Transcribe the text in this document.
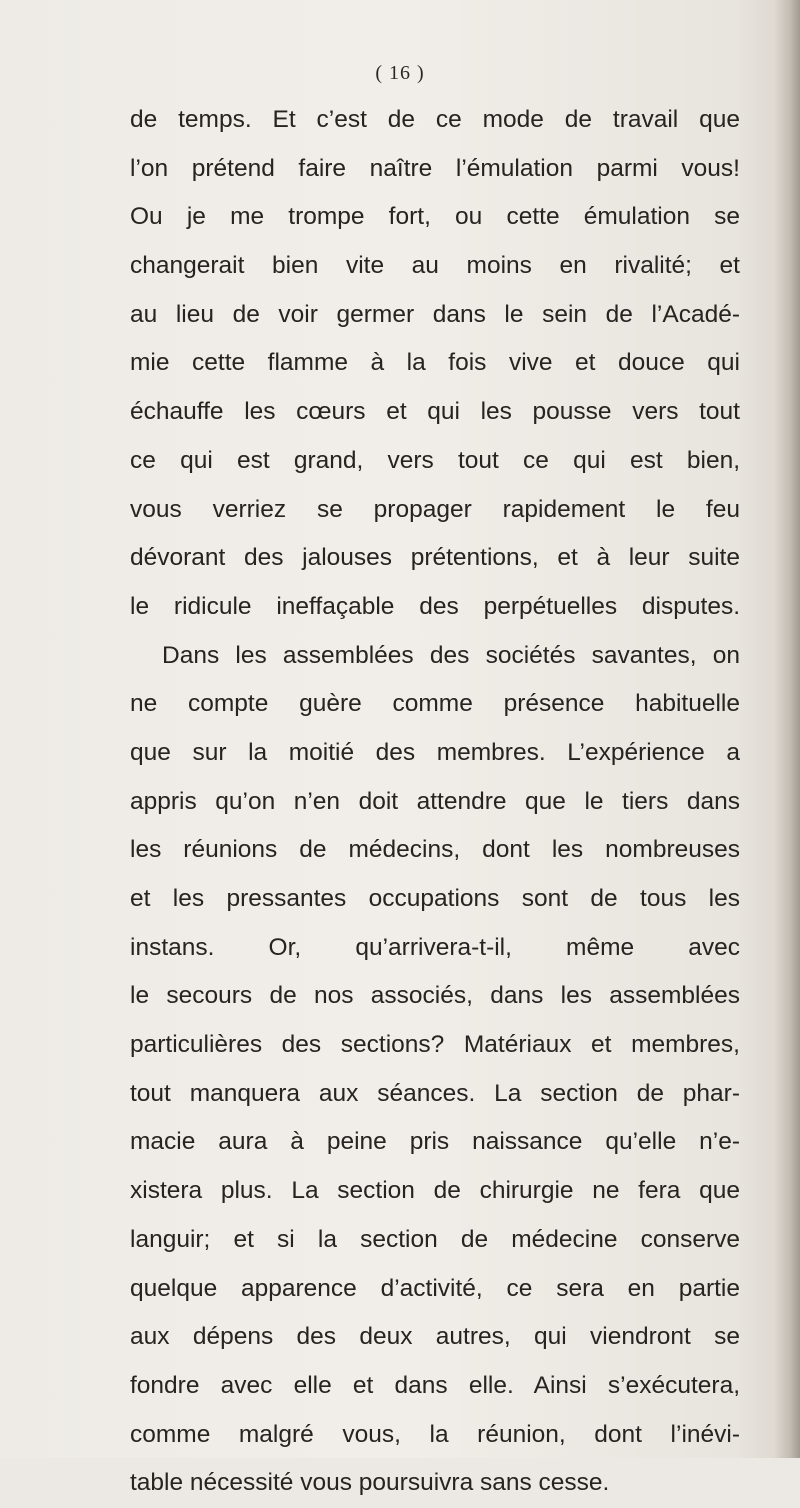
( 16 )
de temps. Et c’est de ce mode de travail que
l’on prétend faire naître l’émulation parmi vous!
Ou je me trompe fort, ou cette émulation se
changerait bien vite au moins en rivalité; et
au lieu de voir germer dans le sein de l’Acadé-
mie cette flamme à la fois vive et douce qui
échauffe les cœurs et qui les pousse vers tout
ce qui est grand, vers tout ce qui est bien,
vous verriez se propager rapidement le feu
dévorant des jalouses prétentions, et à leur suite
le ridicule ineffaçable des perpétuelles disputes.
Dans les assemblées des sociétés savantes, on
ne compte guère comme présence habituelle
que sur la moitié des membres. L’expérience a
appris qu’on n’en doit attendre que le tiers dans
les réunions de médecins, dont les nombreuses
et les pressantes occupations sont de tous les
instans. Or, qu’arrivera-t-il, même avec
le secours de nos associés, dans les assemblées
particulières des sections? Matériaux et membres,
tout manquera aux séances. La section de phar-
macie aura à peine pris naissance qu’elle n’e-
xistera plus. La section de chirurgie ne fera que
languir; et si la section de médecine conserve
quelque apparence d’activité, ce sera en partie
aux dépens des deux autres, qui viendront se
fondre avec elle et dans elle. Ainsi s’exécutera,
comme malgré vous, la réunion, dont l’inévi-
table nécessité vous poursuivra sans cesse.
